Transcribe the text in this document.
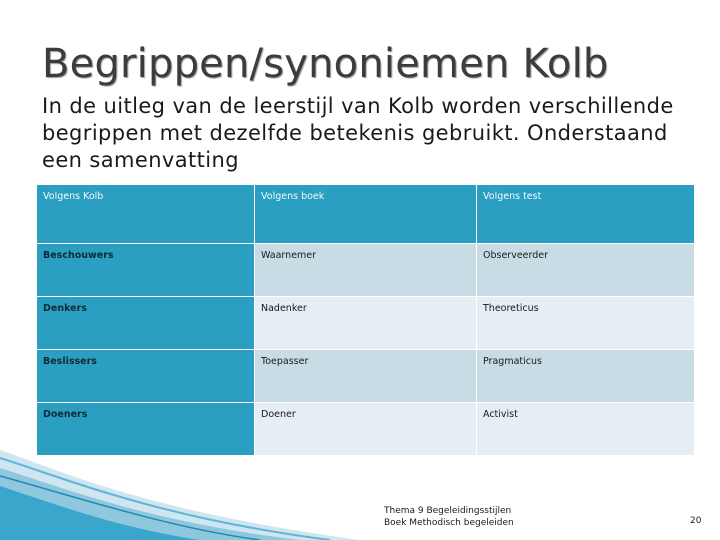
Begrippen/synoniemen Kolb
In de uitleg van de leerstijl van Kolb worden verschillende begrippen met dezelfde betekenis gebruikt. Onderstaand een samenvatting
Volgens Kolb	Volgens boek	Volgens test
Beschouwers	Waarnemer	Observeerder
Denkers	Nadenker	Theoreticus
Beslissers	Toepasser	Pragmaticus
Doeners	Doener	Activist
Thema 9 Begeleidingsstijlen
Boek Methodisch begeleiden	20
